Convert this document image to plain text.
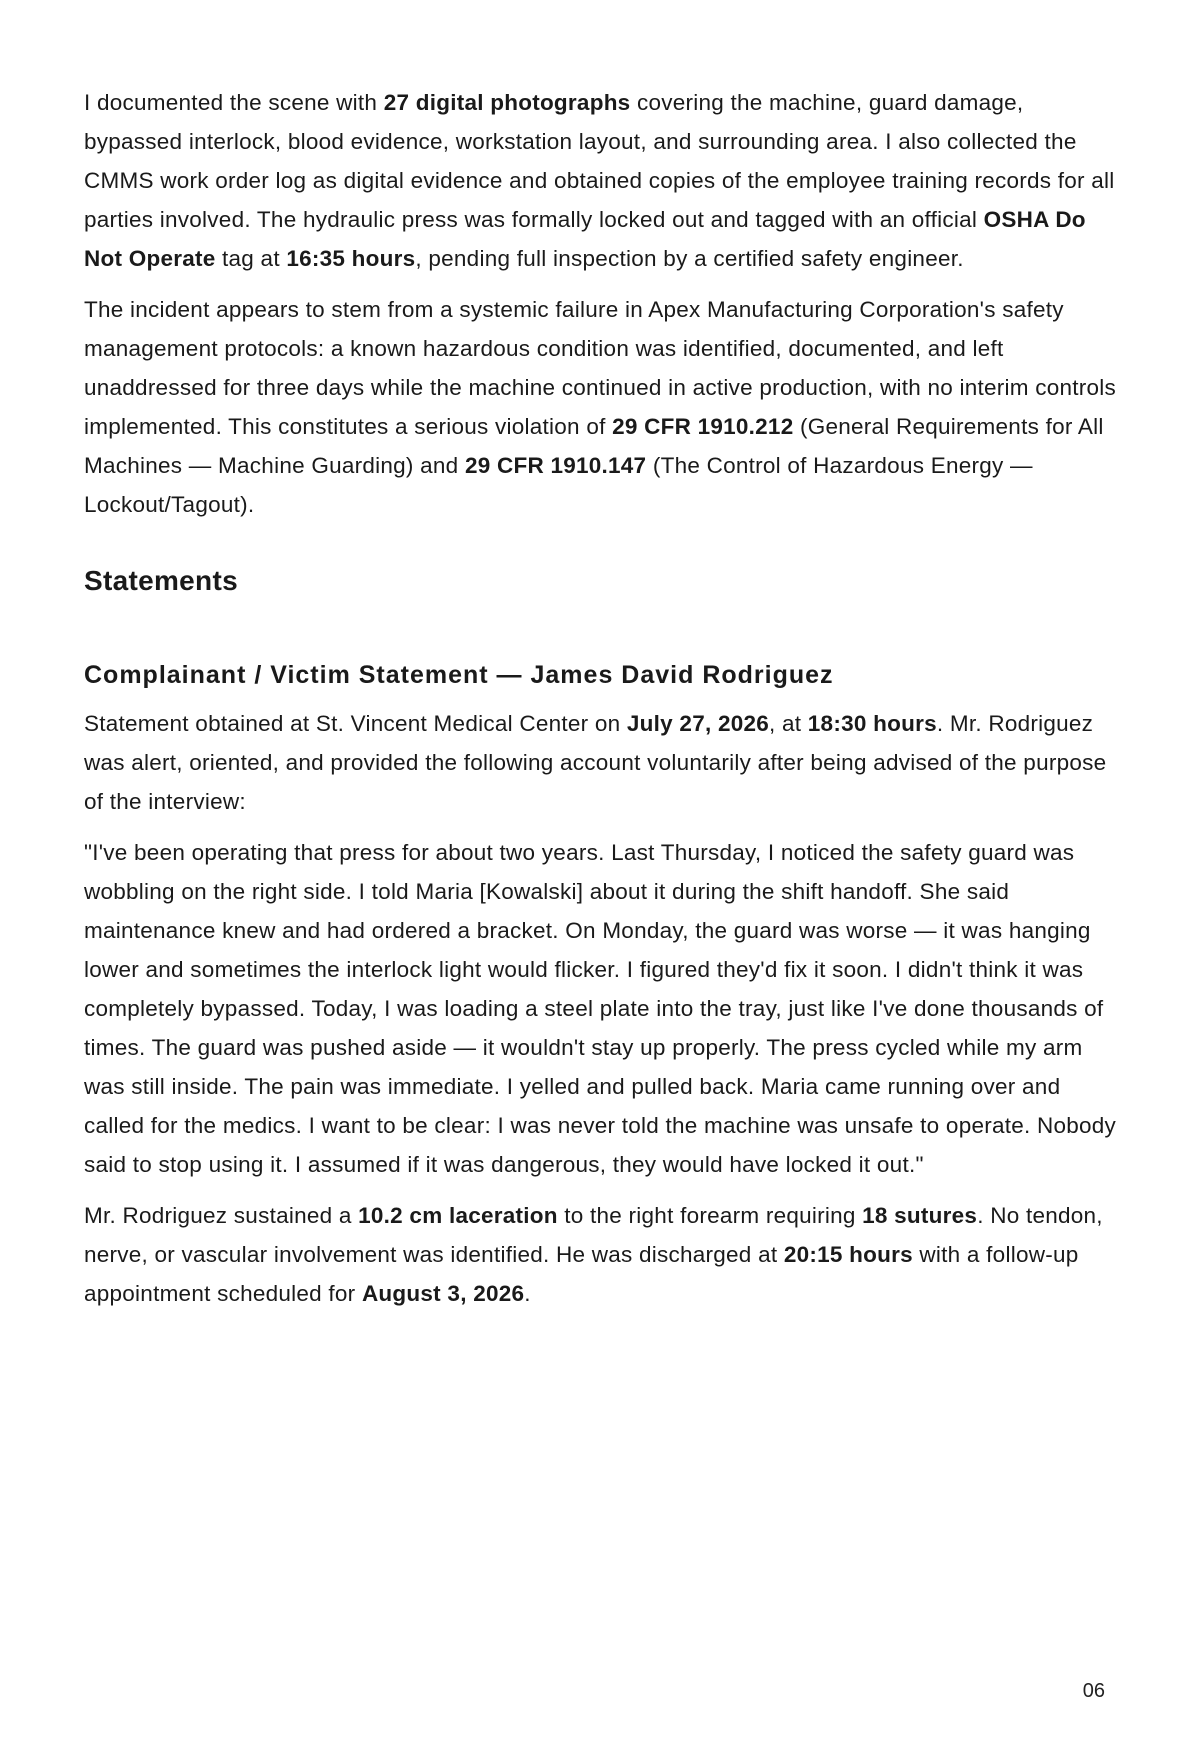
I documented the scene with 27 digital photographs covering the machine, guard damage, bypassed interlock, blood evidence, workstation layout, and surrounding area. I also collected the CMMS work order log as digital evidence and obtained copies of the employee training records for all parties involved. The hydraulic press was formally locked out and tagged with an official OSHA Do Not Operate tag at 16:35 hours, pending full inspection by a certified safety engineer.

The incident appears to stem from a systemic failure in Apex Manufacturing Corporation's safety management protocols: a known hazardous condition was identified, documented, and left unaddressed for three days while the machine continued in active production, with no interim controls implemented. This constitutes a serious violation of 29 CFR 1910.212 (General Requirements for All Machines — Machine Guarding) and 29 CFR 1910.147 (The Control of Hazardous Energy — Lockout/Tagout).

Statements
Complainant / Victim Statement — James David Rodriguez

Statement obtained at St. Vincent Medical Center on July 27, 2026, at 18:30 hours. Mr. Rodriguez was alert, oriented, and provided the following account voluntarily after being advised of the purpose of the interview:

"I've been operating that press for about two years. Last Thursday, I noticed the safety guard was wobbling on the right side. I told Maria [Kowalski] about it during the shift handoff. She said maintenance knew and had ordered a bracket. On Monday, the guard was worse — it was hanging lower and sometimes the interlock light would flicker. I figured they'd fix it soon. I didn't think it was completely bypassed. Today, I was loading a steel plate into the tray, just like I've done thousands of times. The guard was pushed aside — it wouldn't stay up properly. The press cycled while my arm was still inside. The pain was immediate. I yelled and pulled back. Maria came running over and called for the medics. I want to be clear: I was never told the machine was unsafe to operate. Nobody said to stop using it. I assumed if it was dangerous, they would have locked it out."

Mr. Rodriguez sustained a 10.2 cm laceration to the right forearm requiring 18 sutures. No tendon, nerve, or vascular involvement was identified. He was discharged at 20:15 hours with a follow-up appointment scheduled for August 3, 2026.

06
